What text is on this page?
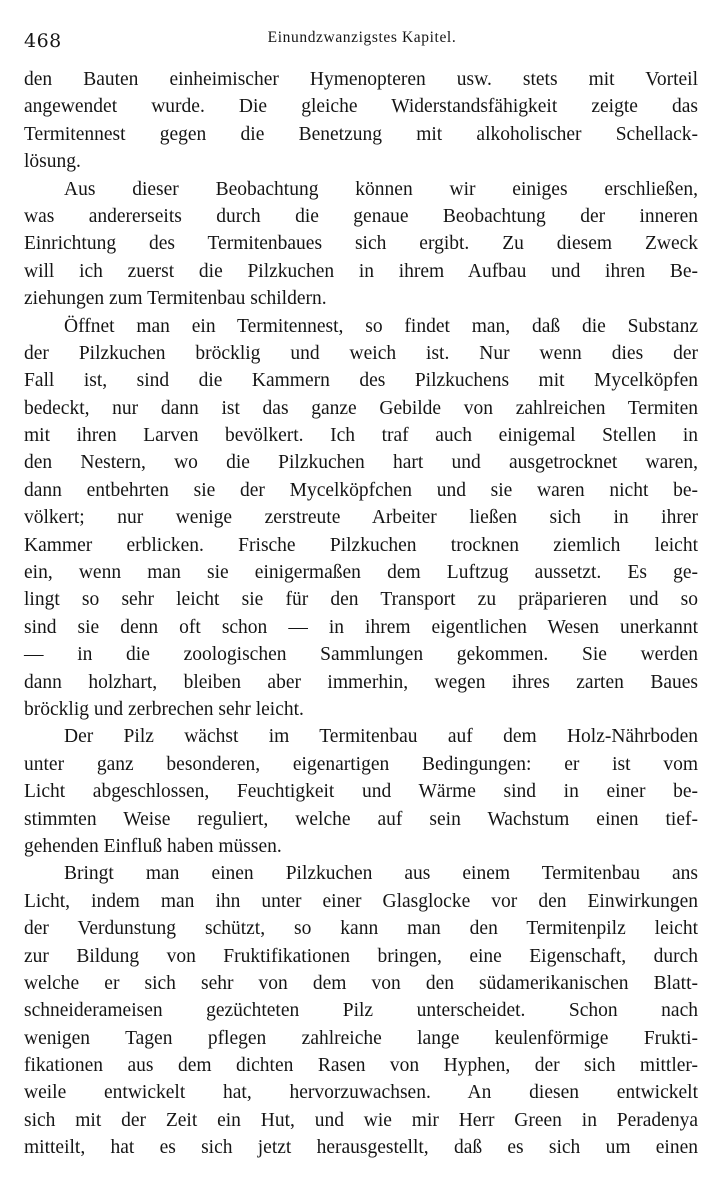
468	Einundzwanzigstes Kapitel.
den Bauten einheimischer Hymenopteren usw. stets mit Vorteil
angewendet wurde. Die gleiche Widerstandsfähigkeit zeigte das
Termitennest gegen die Benetzung mit alkoholischer Schellack-
lösung.
Aus dieser Beobachtung können wir einiges erschließen,
was andererseits durch die genaue Beobachtung der inneren
Einrichtung des Termitenbaues sich ergibt. Zu diesem Zweck
will ich zuerst die Pilzkuchen in ihrem Aufbau und ihren Be-
ziehungen zum Termitenbau schildern.
Öffnet man ein Termitennest, so findet man, daß die Substanz
der Pilzkuchen bröcklig und weich ist. Nur wenn dies der
Fall ist, sind die Kammern des Pilzkuchens mit Mycelköpfen
bedeckt, nur dann ist das ganze Gebilde von zahlreichen Termiten
mit ihren Larven bevölkert. Ich traf auch einigemal Stellen in
den Nestern, wo die Pilzkuchen hart und ausgetrocknet waren,
dann entbehrten sie der Mycelköpfchen und sie waren nicht be-
völkert; nur wenige zerstreute Arbeiter ließen sich in ihrer
Kammer erblicken. Frische Pilzkuchen trocknen ziemlich leicht
ein, wenn man sie einigermaßen dem Luftzug aussetzt. Es ge-
lingt so sehr leicht sie für den Transport zu präparieren und so
sind sie denn oft schon — in ihrem eigentlichen Wesen unerkannt
— in die zoologischen Sammlungen gekommen. Sie werden
dann holzhart, bleiben aber immerhin, wegen ihres zarten Baues
bröcklig und zerbrechen sehr leicht.
Der Pilz wächst im Termitenbau auf dem Holz-Nährboden
unter ganz besonderen, eigenartigen Bedingungen: er ist vom
Licht abgeschlossen, Feuchtigkeit und Wärme sind in einer be-
stimmten Weise reguliert, welche auf sein Wachstum einen tief-
gehenden Einfluß haben müssen.
Bringt man einen Pilzkuchen aus einem Termitenbau ans
Licht, indem man ihn unter einer Glasglocke vor den Einwirkungen
der Verdunstung schützt, so kann man den Termitenpilz leicht
zur Bildung von Fruktifikationen bringen, eine Eigenschaft, durch
welche er sich sehr von dem von den südamerikanischen Blatt-
schneiderameisen gezüchteten Pilz unterscheidet. Schon nach
wenigen Tagen pflegen zahlreiche lange keulenförmige Frukti-
fikationen aus dem dichten Rasen von Hyphen, der sich mittler-
weile entwickelt hat, hervorzuwachsen. An diesen entwickelt
sich mit der Zeit ein Hut, und wie mir Herr Green in Peradenya
mitteilt, hat es sich jetzt herausgestellt, daß es sich um einen
